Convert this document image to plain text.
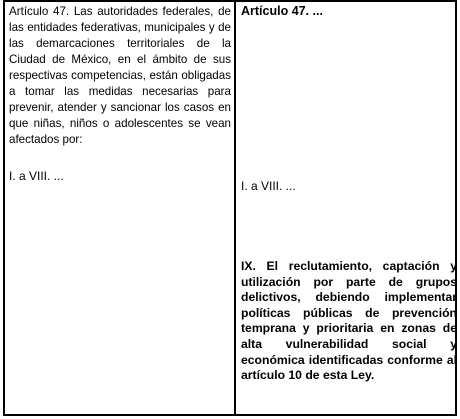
Artículo 47. Las autoridades federales, de las entidades federativas, municipales y de las demarcaciones territoriales de la Ciudad de México, en el ámbito de sus respectivas competencias, están obligadas a tomar las medidas necesarias para prevenir, atender y sancionar los casos en que niñas, niños o adolescentes se vean afectados por:

I. a VIII. ...
Artículo 47. ...
I. a VIII. ...
IX. El reclutamiento, captación y utilización por parte de grupos delictivos, debiendo implementar políticas públicas de prevención temprana y prioritaria en zonas de alta vulnerabilidad social y económica identificadas conforme al artículo 10 de esta Ley.
